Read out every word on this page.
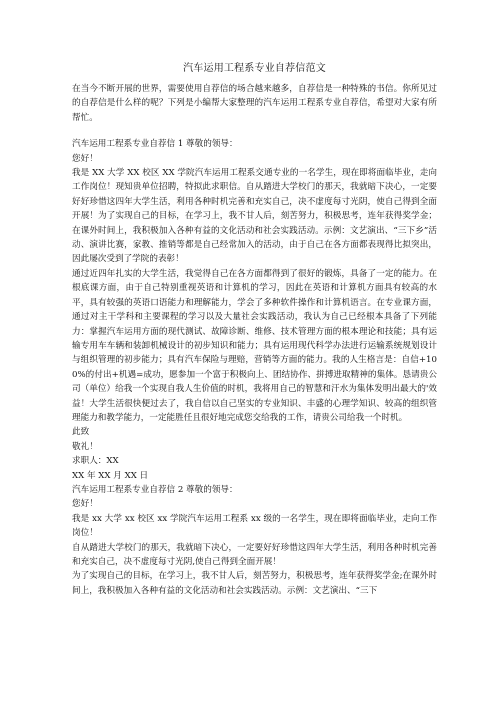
汽车运用工程系专业自荐信范文

在当今不断开展的世界，需要使用自荐信的场合越来越多，自荐信是一种特殊的书信。你所见过的自荐信是什么样的呢？下列是小编帮大家整理的汽车运用工程系专业自荐信，希望对大家有所帮忙。

汽车运用工程系专业自荐信 1 尊敬的领导：

您好！

我是 XX 大学 XX 校区 XX 学院汽车运用工程系交通专业的一名学生，现在即将面临毕业，走向工作岗位！现知贵单位招聘，特拟此求职信。自从踏进大学校门的那天，我就暗下决心，一定要好好珍惜这四年大学生活，利用各种时机完善和充实自己，决不虚度每寸光阴，使自己得到全面开展！为了实现自己的目标，在学习上，我不甘人后，刻苦努力，积极思考，连年获得奖学金；在课外时间上，我积极加入各种有益的文化活动和社会实践活动。示例：文艺演出、“三下乡”活动、演讲比赛，家教、推销等都是自己经常加入的活动，由于自己在各方面都表现得比拟突出，因此屡次受到了学院的表彰！

通过近四年扎实的大学生活，我觉得自己在各方面都得到了很好的锻炼，具备了一定的能力。在根底课方面，由于自己特别重视英语和计算机的学习，因此在英语和计算机方面具有较高的水平，具有较强的英语口语能力和理解能力，学会了多种软件操作和计算机语言。在专业课方面，通过对主干学科和主要课程的学习以及大量社会实践活动，我认为自己已经根本具备了下列能力：掌握汽车运用方面的现代测试、故障诊断、维修、技术管理方面的根本理论和技能；具有运输专用车车辆和装卸机械设计的初步知识和能力；具有运用现代科学办法进行运输系统规划设计与组织管理的初步能力；具有汽车保险与理赔，营销等方面的能力。我的人生格言是：自信+100%的付出+机遇=成功，愿参加一个富于积极向上、团结协作、拼搏进取精神的集体。恳请贵公司（单位）给我一个实现自我人生价值的时机，我将用自己的智慧和汗水为集体发明出最大的'效益！大学生活很快便过去了，我自信以自己坚实的专业知识、丰盛的心理学知识、较高的组织管理能力和教学能力，一定能胜任且很好地完成您交给我的工作，请贵公司给我一个时机。

此致

敬礼！

求职人：XX

XX 年 XX 月 XX 日

汽车运用工程系专业自荐信 2 尊敬的领导：

您好！

我是 xx 大学 xx 校区 xx 学院汽车运用工程系 xx 级的一名学生，现在即将面临毕业，走向工作岗位！

自从踏进大学校门的那天，我就暗下决心，一定要好好珍惜这四年大学生活，利用各种时机完善和充实自己，决不虚度每寸光阴,使自己得到全面开展！

为了实现自己的目标，在学习上，我不甘人后，刻苦努力，积极思考，连年获得奖学金;在课外时间上，我积极加入各种有益的文化活动和社会实践活动。示例：文艺演出、“三下
